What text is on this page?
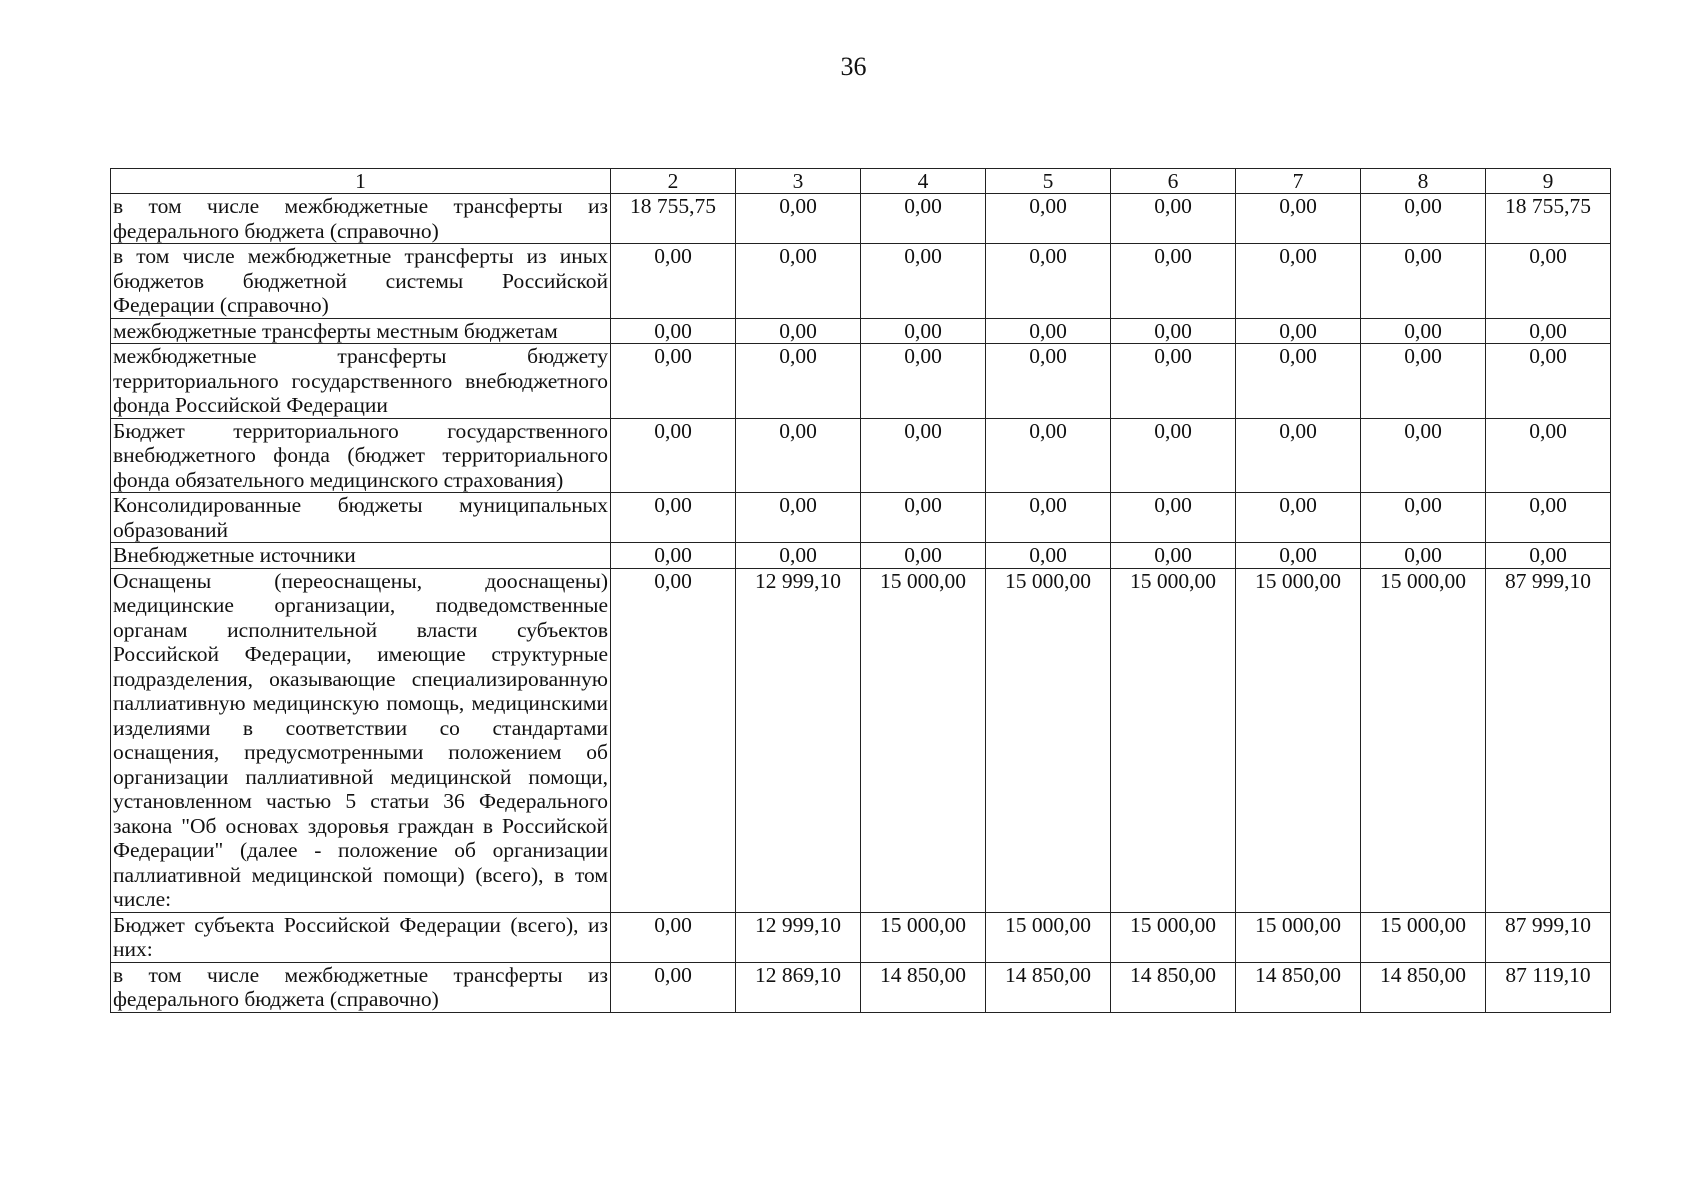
36
1	2	3	4	5	6	7	8	9
в том числе межбюджетные трансферты из федерального бюджета (справочно)	18 755,75	0,00	0,00	0,00	0,00	0,00	0,00	18 755,75
в том числе межбюджетные трансферты из иных бюджетов бюджетной системы Российской Федерации (справочно)	0,00	0,00	0,00	0,00	0,00	0,00	0,00	0,00
межбюджетные трансферты местным бюджетам	0,00	0,00	0,00	0,00	0,00	0,00	0,00	0,00
межбюджетные трансферты бюджету территориального государственного внебюджетного фонда Российской Федерации	0,00	0,00	0,00	0,00	0,00	0,00	0,00	0,00
Бюджет территориального государственного внебюджетного фонда (бюджет территориального фонда обязательного медицинского страхования)	0,00	0,00	0,00	0,00	0,00	0,00	0,00	0,00
Консолидированные бюджеты муниципальных образований	0,00	0,00	0,00	0,00	0,00	0,00	0,00	0,00
Внебюджетные источники	0,00	0,00	0,00	0,00	0,00	0,00	0,00	0,00
Оснащены (переоснащены, дооснащены) медицинские организации, подведомственные органам исполнительной власти субъектов Российской Федерации, имеющие структурные подразделения, оказывающие специализированную паллиативную медицинскую помощь, медицинскими изделиями в соответствии со стандартами оснащения, предусмотренными положением об организации паллиативной медицинской помощи, установленном частью 5 статьи 36 Федерального закона "Об основах здоровья граждан в Российской Федерации" (далее - положение об организации паллиативной медицинской помощи) (всего), в том числе:	0,00	12 999,10	15 000,00	15 000,00	15 000,00	15 000,00	15 000,00	87 999,10
Бюджет субъекта Российской Федерации (всего), из них:	0,00	12 999,10	15 000,00	15 000,00	15 000,00	15 000,00	15 000,00	87 999,10
в том числе межбюджетные трансферты из федерального бюджета (справочно)	0,00	12 869,10	14 850,00	14 850,00	14 850,00	14 850,00	14 850,00	87 119,10
